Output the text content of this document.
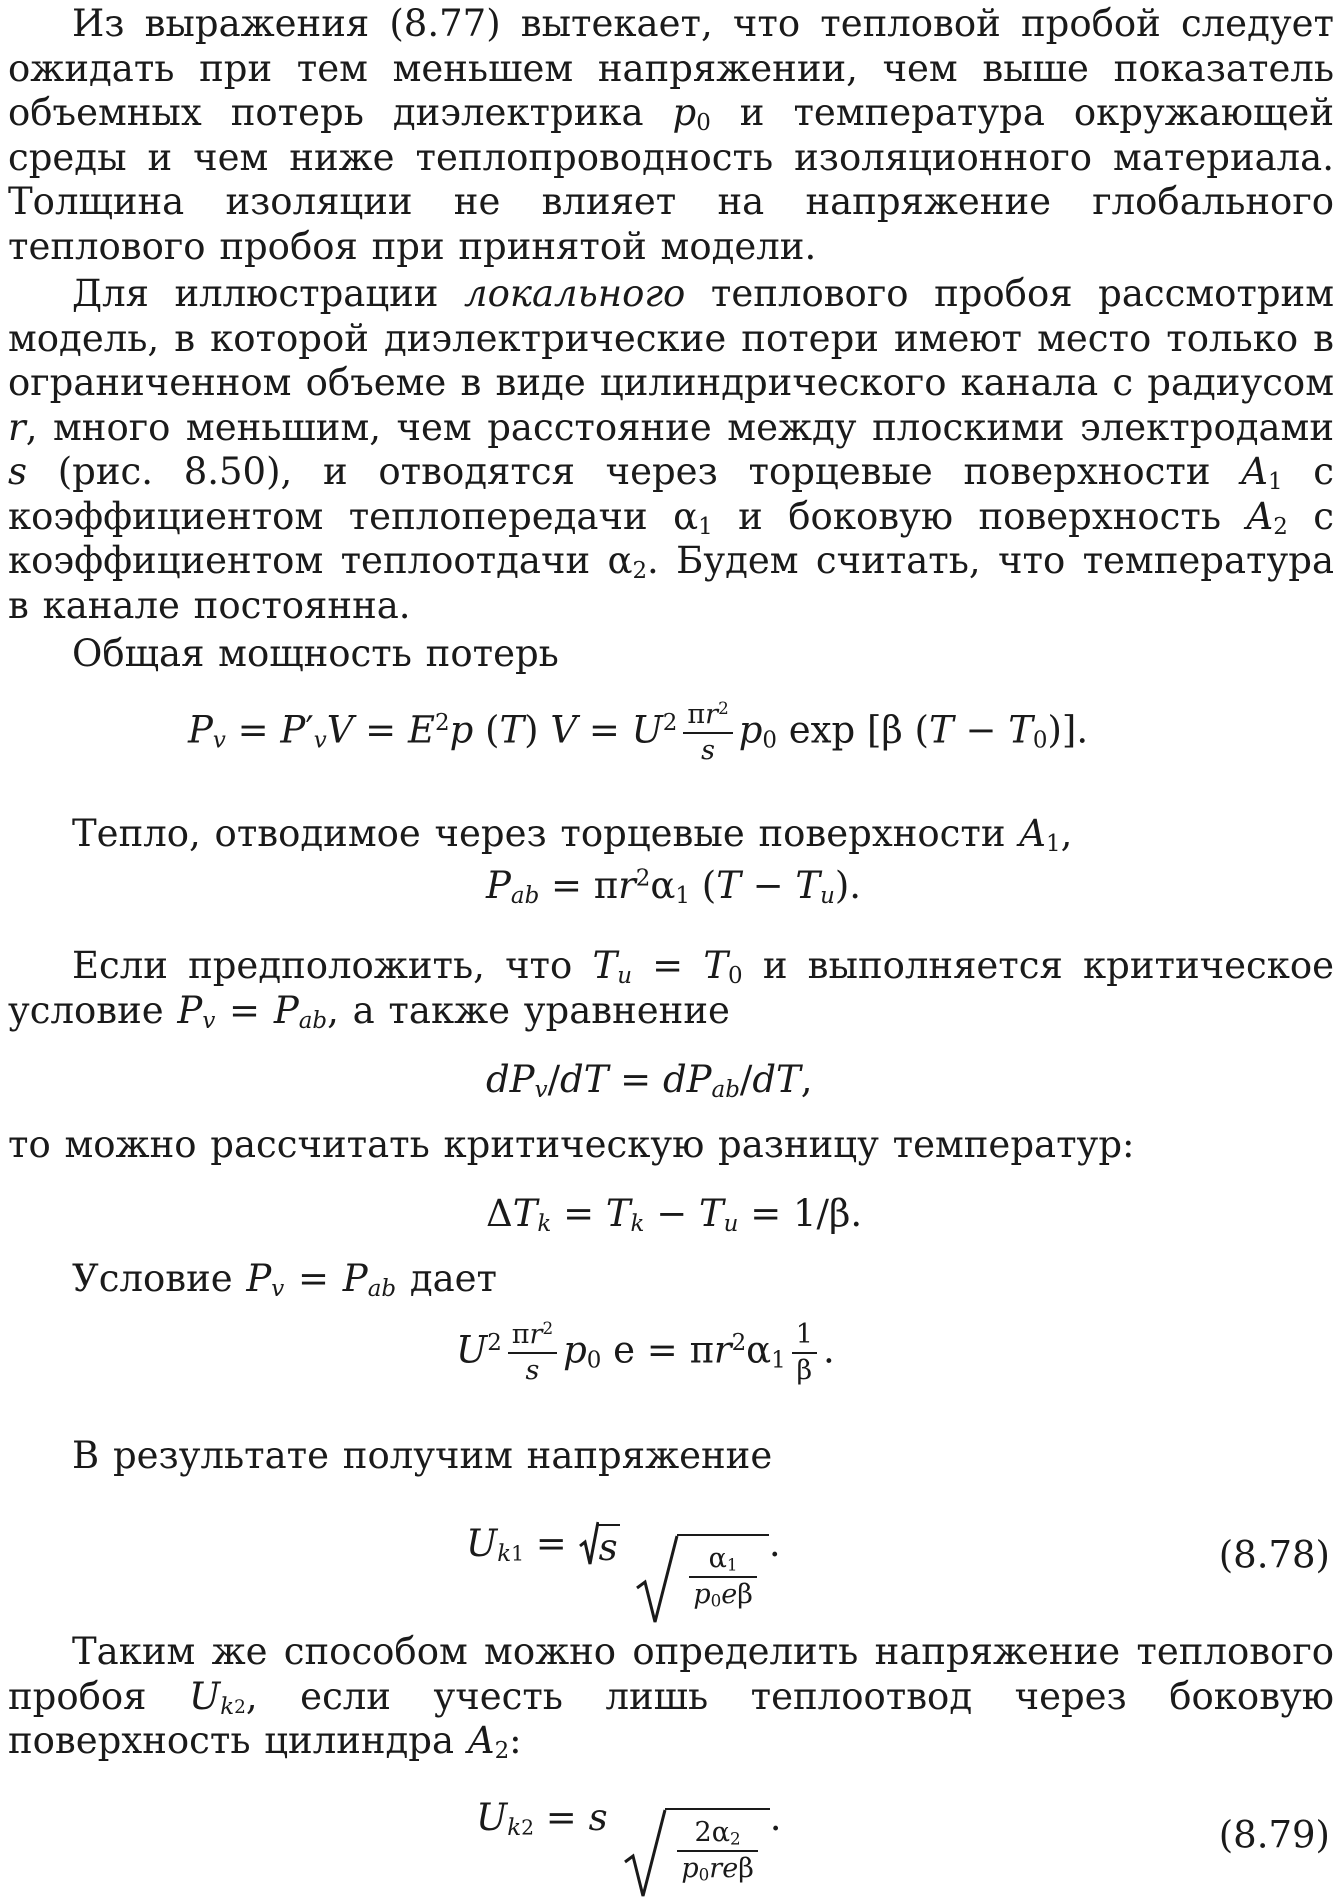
Из выражения (8.77) вытекает, что тепловой пробой следует ожидать при тем меньшем напряжении, чем выше показатель объемных потерь диэлектрика $p_0$ и температура окружающей среды и чем ниже теплопроводность изоляционного материала. Толщина изоляции не влияет на напряжение глобального теплового пробоя при принятой модели.

Для иллюстрации локального теплового пробоя рассмотрим модель, в которой диэлектрические потери имеют место только в ограниченном объеме в виде цилиндрического канала с радиусом r, много меньшим, чем расстояние между плоскими электродами s (рис. 8.50), и отводятся через торцевые поверхности $A_1$ с коэффициентом теплопередачи $\alpha_1$ и боковую поверхность $A_2$ с коэффициентом теплоотдачи $\alpha_2$. Будем считать, что температура в канале постоянна.

Общая мощность потерь

$P_v = P'_vV = E^2p$ (T) $V = U^2 \frac{\pi r^2}{s} p_0$ exp [β $(T - T_0)$].

Тепло, отводимое через торцевые поверхности $A_1$,

$P_{ab} = \pi r^2\alpha_1$ $(T - T_u)$.

Если предположить, что $T_u = T_0$ и выполняется критическое условие $P_v = P_{ab}$, а также уравнение

$dP_v/dT = dP_{ab}/dT$,

то можно рассчитать критическую разницу температур:

$\Delta T_k = T_k - T_u = 1/\beta$.

Условие $P_v = P_{ab}$ дает

$U^2 \frac{\pi r^2}{s} p_0$ $e = \pi r^2\alpha_1 \frac{1}{\beta}$ .

В результате получим напряжение

$U_{k1}$ =
s	$\frac{\alpha_1}{p_0e\beta}$ .	(8.78)

Таким же способом можно определить напряжение теплового пробоя $U_{k2}$, если учесть лишь теплоотвод через боковую поверхность цилиндра $A_2$:

$U_{k2} = s$	$\frac{2\alpha_2}{p_0re\beta}$ .	(8.79)
